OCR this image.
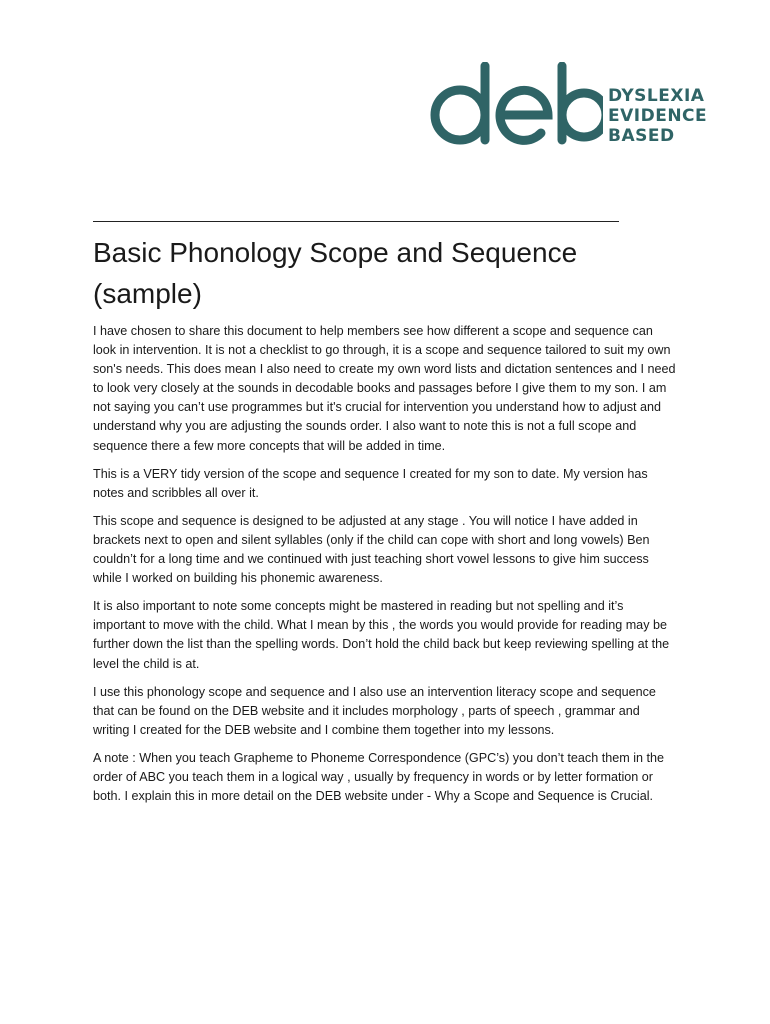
DYSLEXIA
EVIDENCE
BASED
Basic Phonology Scope and Sequence (sample)

I have chosen to share this document to help members see how different a scope and sequence can look in intervention. It is not a checklist to go through, it is a scope and sequence tailored to suit my own son's needs. This does mean I also need to create my own word lists and dictation sentences and I need to look very closely at the sounds in decodable books and passages before I give them to my son. I am not saying you can’t use programmes but it's crucial for intervention you understand how to adjust and understand why you are adjusting the sounds order. I also want to note this is not a full scope and sequence there a few more concepts that will be added in time.

This is a VERY tidy version of the scope and sequence I created for my son to date. My version has notes and scribbles all over it.

This scope and sequence is designed to be adjusted at any stage . You will notice I have added in brackets next to open and silent syllables (only if the child can cope with short and long vowels) Ben couldn’t for a long time and we continued with just teaching short vowel lessons to give him success while I worked on building his phonemic awareness.

It is also important to note some concepts might be mastered in reading but not spelling and it’s important to move with the child. What I mean by this , the words you would provide for reading may be further down the list than the spelling words. Don’t hold the child back but keep reviewing spelling at the level the child is at.

I use this phonology scope and sequence and I also use an intervention literacy scope and sequence that can be found on the DEB website and it includes morphology , parts of speech , grammar and writing I created for the DEB website and I combine them together into my lessons.

A note : When you teach Grapheme to Phoneme Correspondence (GPC’s) you don’t teach them in the order of ABC you teach them in a logical way , usually by frequency in words or by letter formation or both. I explain this in more detail on the DEB website under - Why a Scope and Sequence is Crucial.
